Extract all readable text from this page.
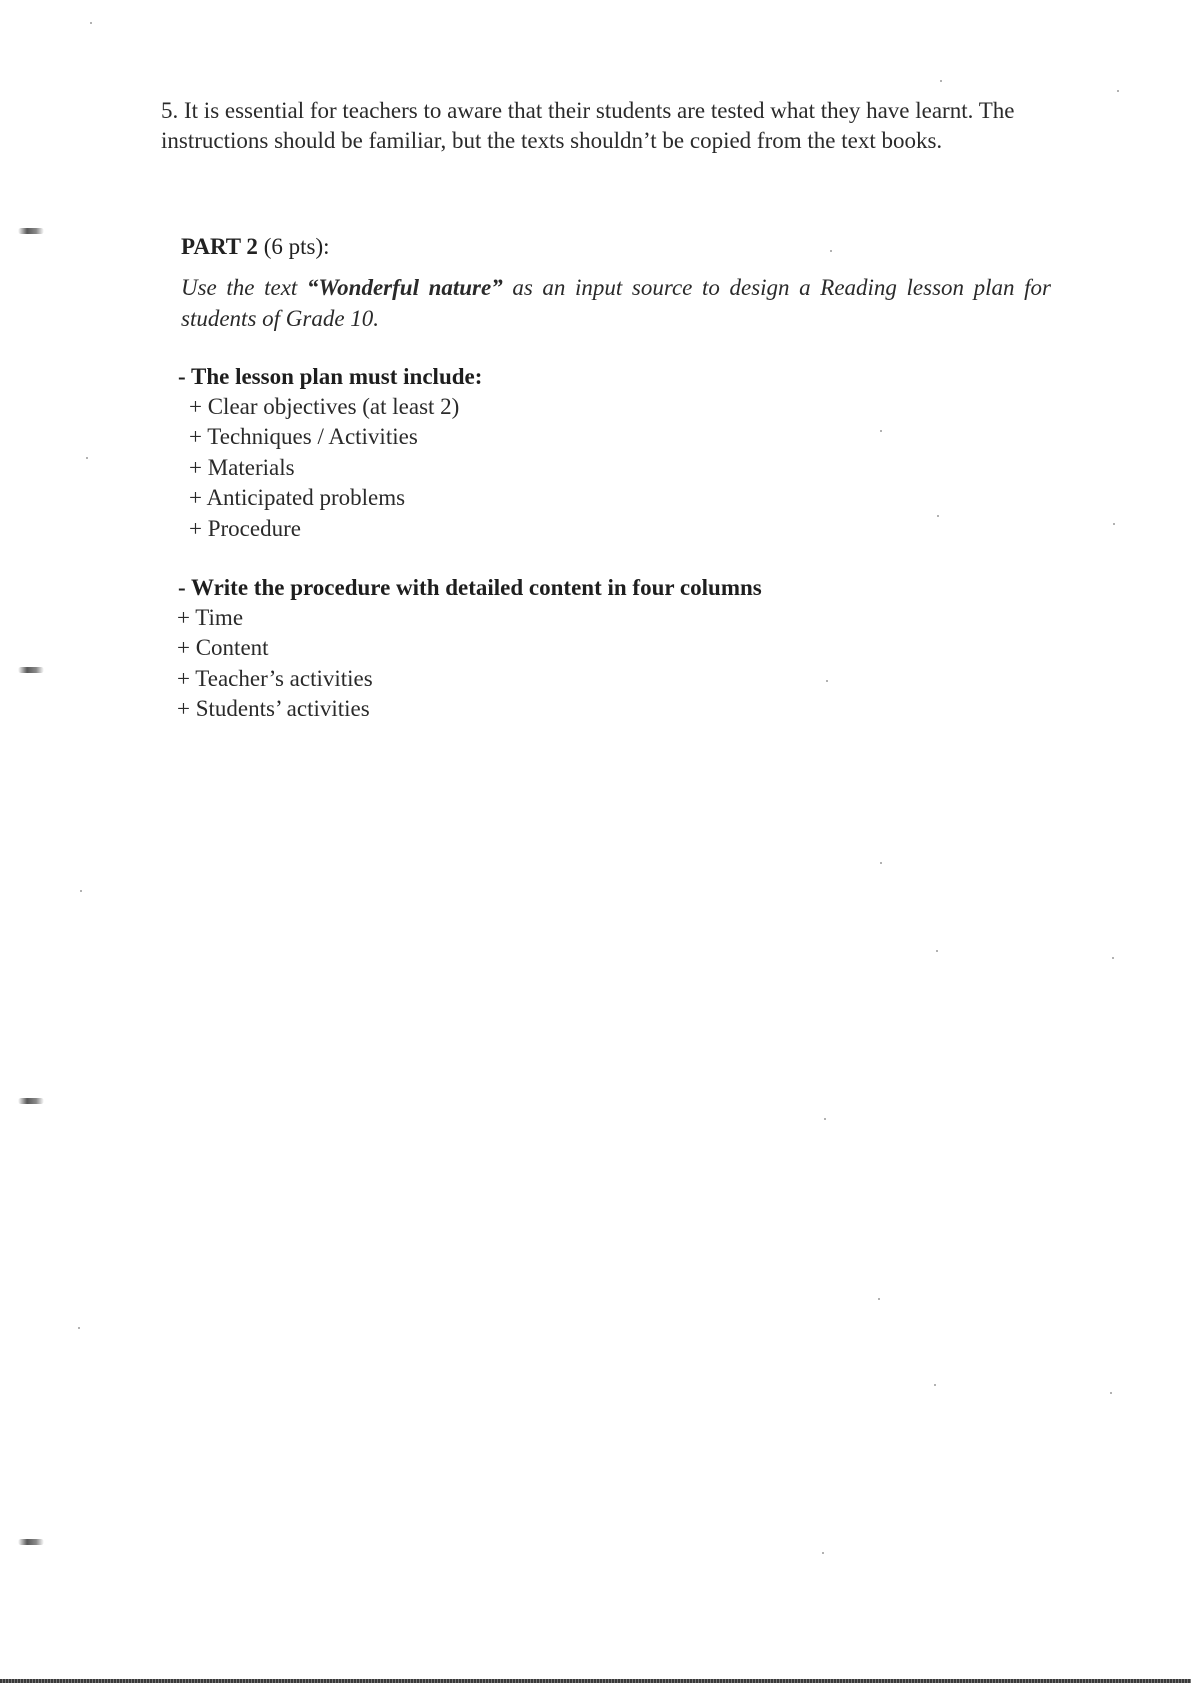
5. It is essential for teachers to aware that their students are tested what they have learnt. The instructions should be familiar, but the texts shouldn’t be copied from the text books.

PART 2 (6 pts):

Use the text “Wonderful nature” as an input source to design a Reading lesson plan for students of Grade 10.

- The lesson plan must include:
+ Clear objectives (at least 2)
+ Techniques / Activities
+ Materials
+ Anticipated problems
+ Procedure
- Write the procedure with detailed content in four columns
+ Time
+ Content
+ Teacher’s activities
+ Students’ activities
